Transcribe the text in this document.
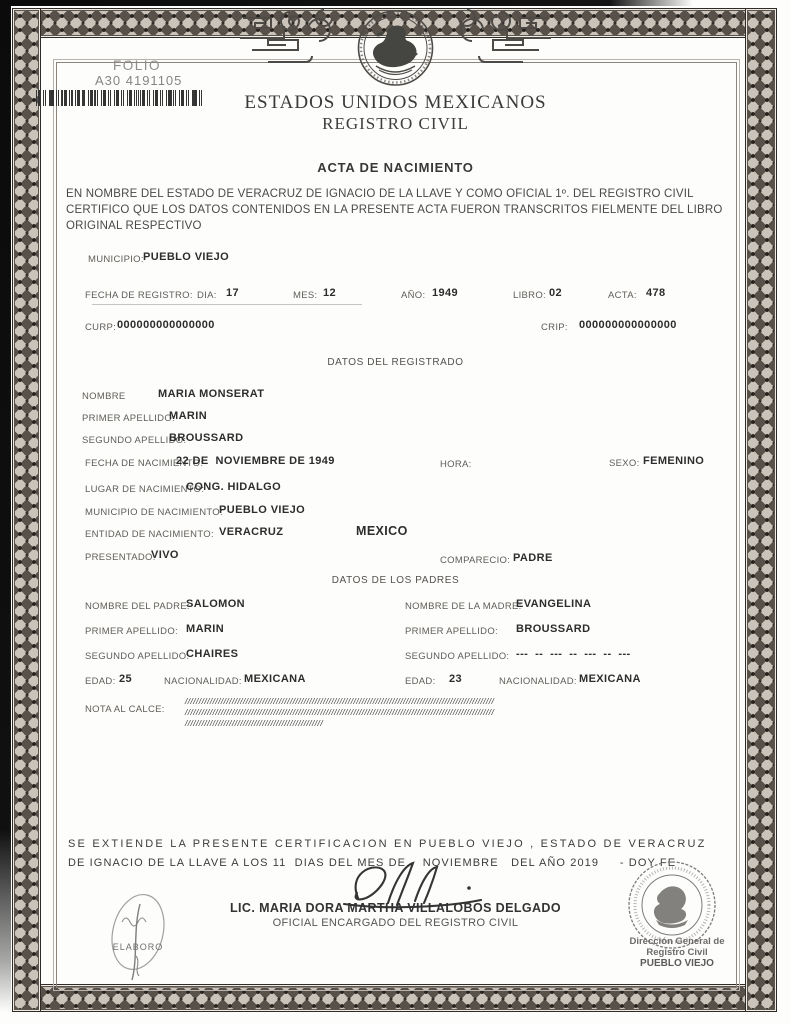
FOLIO
A30 4191105
ESTADOS UNIDOS MEXICANOS
REGISTRO CIVIL
ACTA DE NACIMIENTO

EN NOMBRE DEL ESTADO DE VERACRUZ DE IGNACIO DE LA LLAVE Y COMO OFICIAL 1º. DEL REGISTRO CIVIL CERTIFICO QUE LOS DATOS CONTENIDOS EN LA PRESENTE ACTA FUERON TRANSCRITOS FIELMENTE DEL LIBRO ORIGINAL RESPECTIVO

MUNICIPIO: PUEBLO VIEJO
FECHA DE REGISTRO: DIA: 17	MES: 12	AÑO: 1949	LIBRO: 02	ACTA: 478
CURP: 000000000000000	CRIP: 000000000000000
DATOS DEL REGISTRADO
NOMBRE	MARIA MONSERAT
PRIMER APELLIDO:
MARIN
SEGUNDO APELLIDO:
BROUSSARD
FECHA DE NACIMIENTO:
22 DE  NOVIEMBRE DE 1949	HORA:	SEXO: FEMENINO
LUGAR DE NACIMIENTO:
CONG. HIDALGO
MUNICIPIO DE NACIMIENTO:
PUEBLO VIEJO
ENTIDAD DE NACIMIENTO: VERACRUZ	MEXICO
PRESENTADO:
VIVO	COMPARECIO: PADRE
DATOS DE LOS PADRES
NOMBRE DEL PADRE:
SALOMON
PRIMER APELLIDO: MARIN
SEGUNDO APELLIDO:
CHAIRES
EDAD: 25	NACIONALIDAD: MEXICANA
NOMBRE DE LA MADRE:
EVANGELINA
PRIMER APELLIDO: BROUSSARD
SEGUNDO APELLIDO: ---  --  ---  --  ---  --  ---
EDAD: 23	NACIONALIDAD: MEXICANA
NOTA AL CALCE:
////////////////////////////////////////////////////////////////////////////////////////////////////////////////
////////////////////////////////////////////////////////////////////////////////////////////////////////////////
//////////////////////////////////////////////////
SE EXTIENDE LA PRESENTE CERTIFICACION EN PUEBLO VIEJO , ESTADO DE VERACRUZ
DE IGNACIO DE LA LLAVE A LOS 11  DIAS DEL MES DE    NOVIEMBRE   DEL AÑO 2019     - DOY FE
LIC. MARIA DORA MARTHA VILLALOBOS DELGADO
OFICIAL ENCARGADO DEL REGISTRO CIVIL
ELABORO	Dirección General de
Registro Civil
PUEBLO VIEJO
